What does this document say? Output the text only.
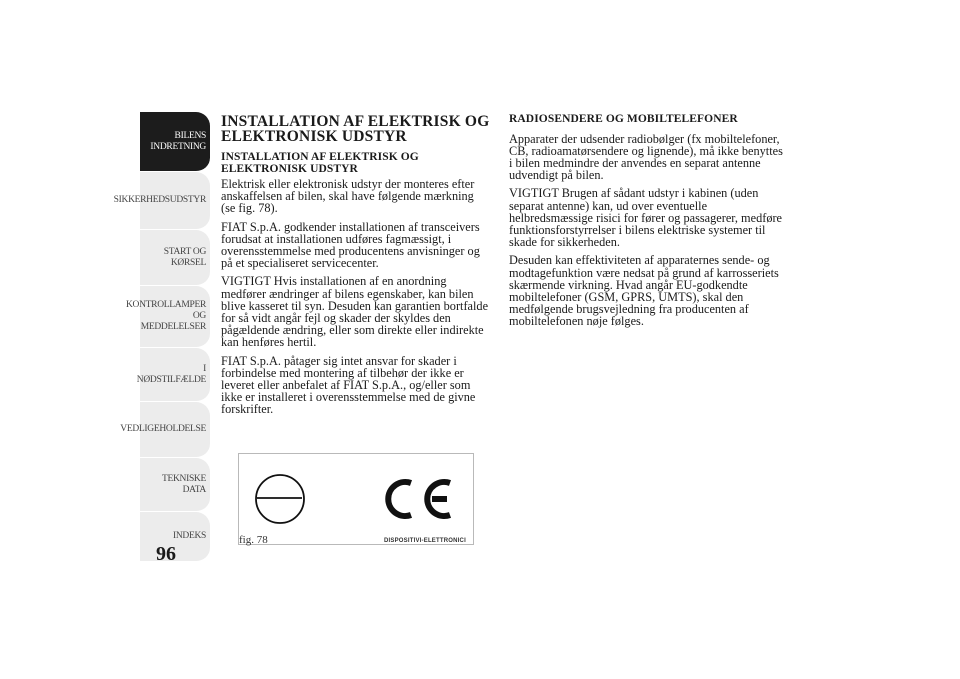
BILENS
INDRETNING
SIKKERHEDSUDSTYR
START OG KØRSEL
KONTROLLAMPER
OG MEDDELELSER
I NØDSTILFÆLDE
VEDLIGEHOLDELSE
TEKNISKE DATA
INDEKS
96
INSTALLATION AF ELEKTRISK OG ELEKTRONISK UDSTYR
INSTALLATION AF ELEKTRISK OG ELEKTRONISK UDSTYR

Elektrisk eller elektronisk udstyr der monteres efter anskaffelsen af bilen, skal have følgende mærkning (se fig. 78).

FIAT S.p.A. godkender installationen af transceivers forudsat at installationen udføres fagmæssigt, i overensstemmelse med producentens anvisninger og på et specialiseret servicecenter.

VIGTIGT Hvis installationen af en anordning medfører ændringer af bilens egenskaber, kan bilen blive kasseret til syn. Desuden kan garantien bortfalde for så vidt angår fejl og skader der skyldes den pågældende ændring, eller som direkte eller indirekte kan henføres hertil.

FIAT S.p.A. påtager sig intet ansvar for skader i forbindelse med montering af tilbehør der ikke er leveret eller anbefalet af FIAT S.p.A., og/eller som ikke er installeret i overensstemmelse med de givne forskrifter.

RADIOSENDERE OG MOBILTELEFONER

Apparater der udsender radiobølger (fx mobiltelefoner, CB, radioamatørsendere og lignende), må ikke benyttes i bilen medmindre der anvendes en separat antenne udvendigt på bilen.

VIGTIGT Brugen af sådant udstyr i kabinen (uden separat antenne) kan, ud over eventuelle helbredsmæssige risici for fører og passagerer, medføre funktionsforstyrrelser i bilens elektriske systemer til skade for sikkerheden.

Desuden kan effektiviteten af apparaternes sende- og modtagefunktion være nedsat på grund af karrosseriets skærmende virkning. Hvad angår EU-godkendte mobiltelefoner (GSM, GPRS, UMTS), skal den medfølgende brugsvejledning fra producenten af mobiltelefonen nøje følges.

fig. 78	DISPOSITIVI-ELETTRONICI
